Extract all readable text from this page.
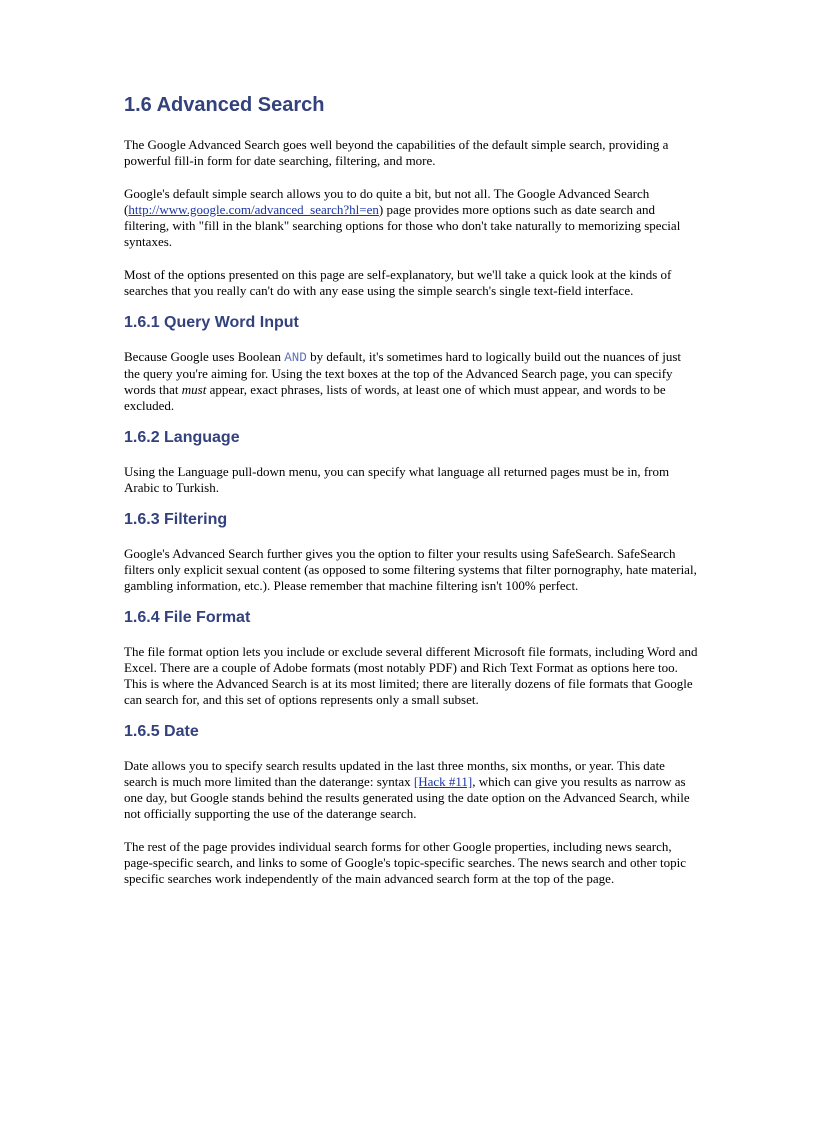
1.6 Advanced Search

The Google Advanced Search goes well beyond the capabilities of the default simple search, providing a powerful fill-in form for date searching, filtering, and more.

Google's default simple search allows you to do quite a bit, but not all. The Google Advanced Search (http://www.google.com/advanced_search?hl=en) page provides more options such as date search and filtering, with "fill in the blank" searching options for those who don't take naturally to memorizing special syntaxes.

Most of the options presented on this page are self-explanatory, but we'll take a quick look at the kinds of searches that you really can't do with any ease using the simple search's single text-field interface.

1.6.1 Query Word Input

Because Google uses Boolean AND by default, it's sometimes hard to logically build out the nuances of just the query you're aiming for. Using the text boxes at the top of the Advanced Search page, you can specify words that must appear, exact phrases, lists of words, at least one of which must appear, and words to be excluded.

1.6.2 Language

Using the Language pull-down menu, you can specify what language all returned pages must be in, from Arabic to Turkish.

1.6.3 Filtering

Google's Advanced Search further gives you the option to filter your results using SafeSearch. SafeSearch filters only explicit sexual content (as opposed to some filtering systems that filter pornography, hate material, gambling information, etc.). Please remember that machine filtering isn't 100% perfect.

1.6.4 File Format

The file format option lets you include or exclude several different Microsoft file formats, including Word and Excel. There are a couple of Adobe formats (most notably PDF) and Rich Text Format as options here too. This is where the Advanced Search is at its most limited; there are literally dozens of file formats that Google can search for, and this set of options represents only a small subset.

1.6.5 Date

Date allows you to specify search results updated in the last three months, six months, or year. This date search is much more limited than the daterange: syntax [Hack #11], which can give you results as narrow as one day, but Google stands behind the results generated using the date option on the Advanced Search, while not officially supporting the use of the daterange search.

The rest of the page provides individual search forms for other Google properties, including news search, page-specific search, and links to some of Google's topic-specific searches. The news search and other topic specific searches work independently of the main advanced search form at the top of the page.
